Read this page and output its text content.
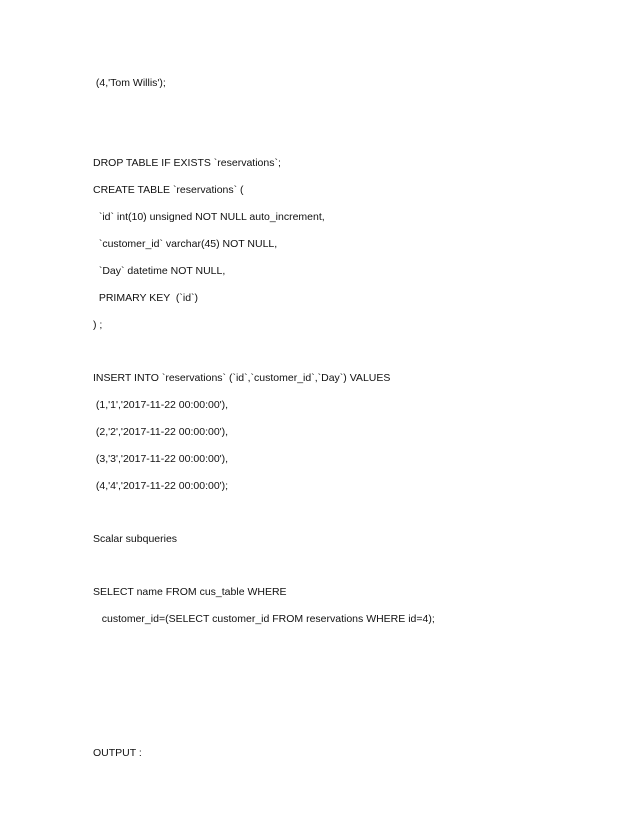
(4,'Tom Willis');
DROP TABLE IF EXISTS `reservations`;
CREATE TABLE `reservations` (
`id` int(10) unsigned NOT NULL auto_increment,
`customer_id` varchar(45) NOT NULL,
`Day` datetime NOT NULL,
PRIMARY KEY  (`id`)
) ;
INSERT INTO `reservations` (`id`,`customer_id`,`Day`) VALUES
(1,'1','2017-11-22 00:00:00'),
(2,'2','2017-11-22 00:00:00'),
(3,'3','2017-11-22 00:00:00'),
(4,'4','2017-11-22 00:00:00');
Scalar subqueries
SELECT name FROM cus_table WHERE
customer_id=(SELECT customer_id FROM reservations WHERE id=4);
OUTPUT :
